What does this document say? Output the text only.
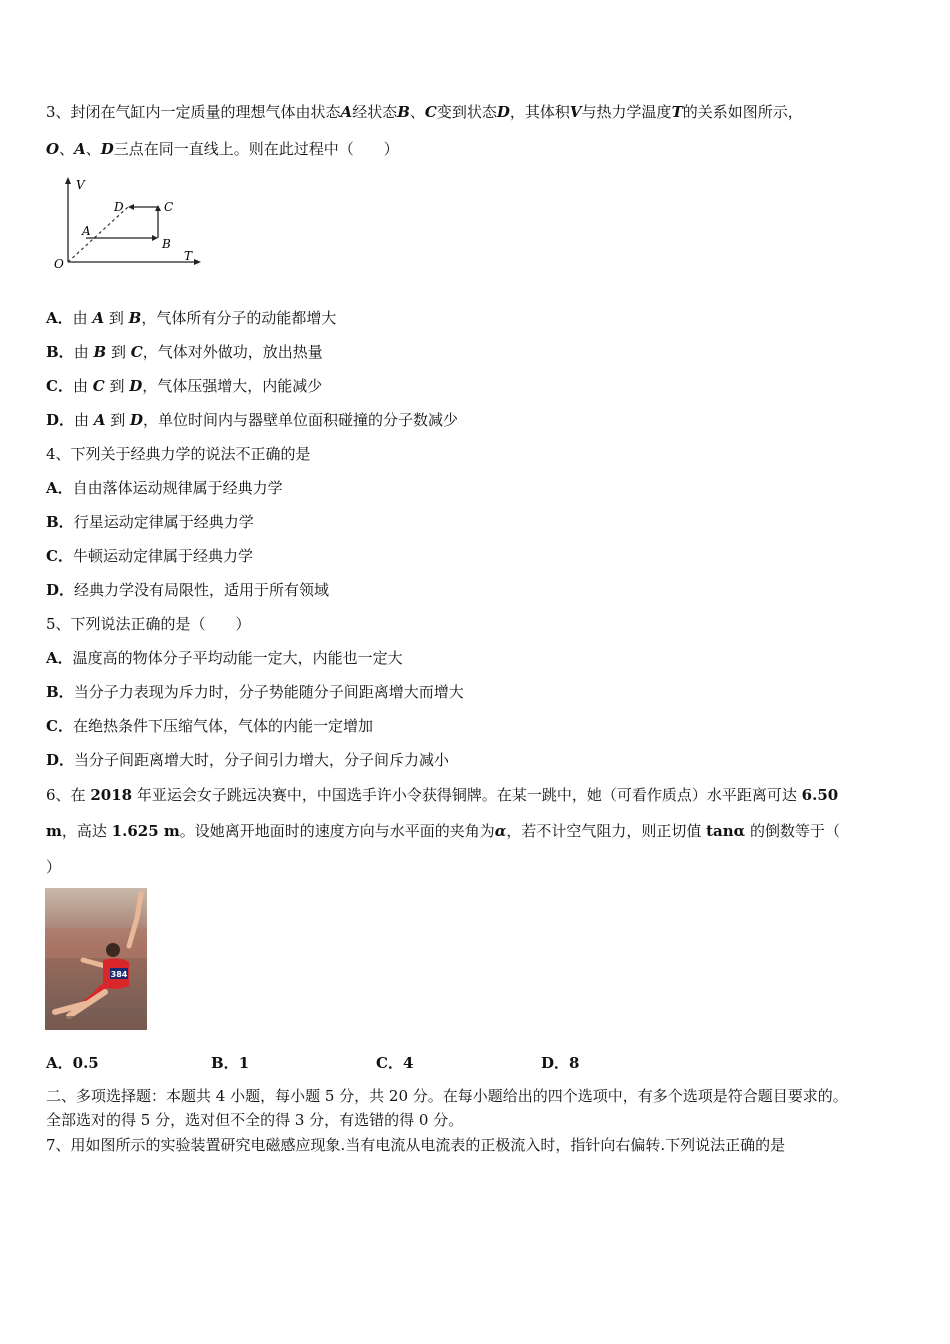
3、封闭在气缸内一定质量的理想气体由状态A经状态B、C变到状态D，其体积V与热力学温度T的关系如图所示，
O、A、D三点在同一直线上。则在此过程中（　　 ）
V
T
O
A
B
C
D
A．由 A 到 B，气体所有分子的动能都增大
B．由 B 到 C，气体对外做功，放出热量
C．由 C 到 D，气体压强增大，内能减少
D．由 A 到 D，单位时间内与器壁单位面积碰撞的分子数减少
4、下列关于经典力学的说法不正确的是
A．自由落体运动规律属于经典力学
B．行星运动定律属于经典力学
C．牛顿运动定律属于经典力学
D．经典力学没有局限性，适用于所有领域
5、下列说法正确的是（　　）
A．温度高的物体分子平均动能一定大，内能也一定大
B．当分子力表现为斥力时，分子势能随分子间距离增大而增大
C．在绝热条件下压缩气体，气体的内能一定增加
D．当分子间距离增大时，分子间引力增大，分子间斥力减小
6、在 2018 年亚运会女子跳远决赛中，中国选手许小令获得铜牌。在某一跳中，她（可看作质点）水平距离可达 6.50
m，高达 1.625 m。设她离开地面时的速度方向与水平面的夹角为α，若不计空气阻力，则正切值 tanα 的倒数等于（
）
384
A．0.5	B．1	C．4	D．8
二、多项选择题：本题共 4 小题，每小题 5 分，共 20 分。在每小题给出的四个选项中，有多个选项是符合题目要求的。
全部选对的得 5 分，选对但不全的得 3 分，有选错的得 0 分。
7、用如图所示的实验装置研究电磁感应现象.当有电流从电流表的正极流入时，指针向右偏转.下列说法正确的是
